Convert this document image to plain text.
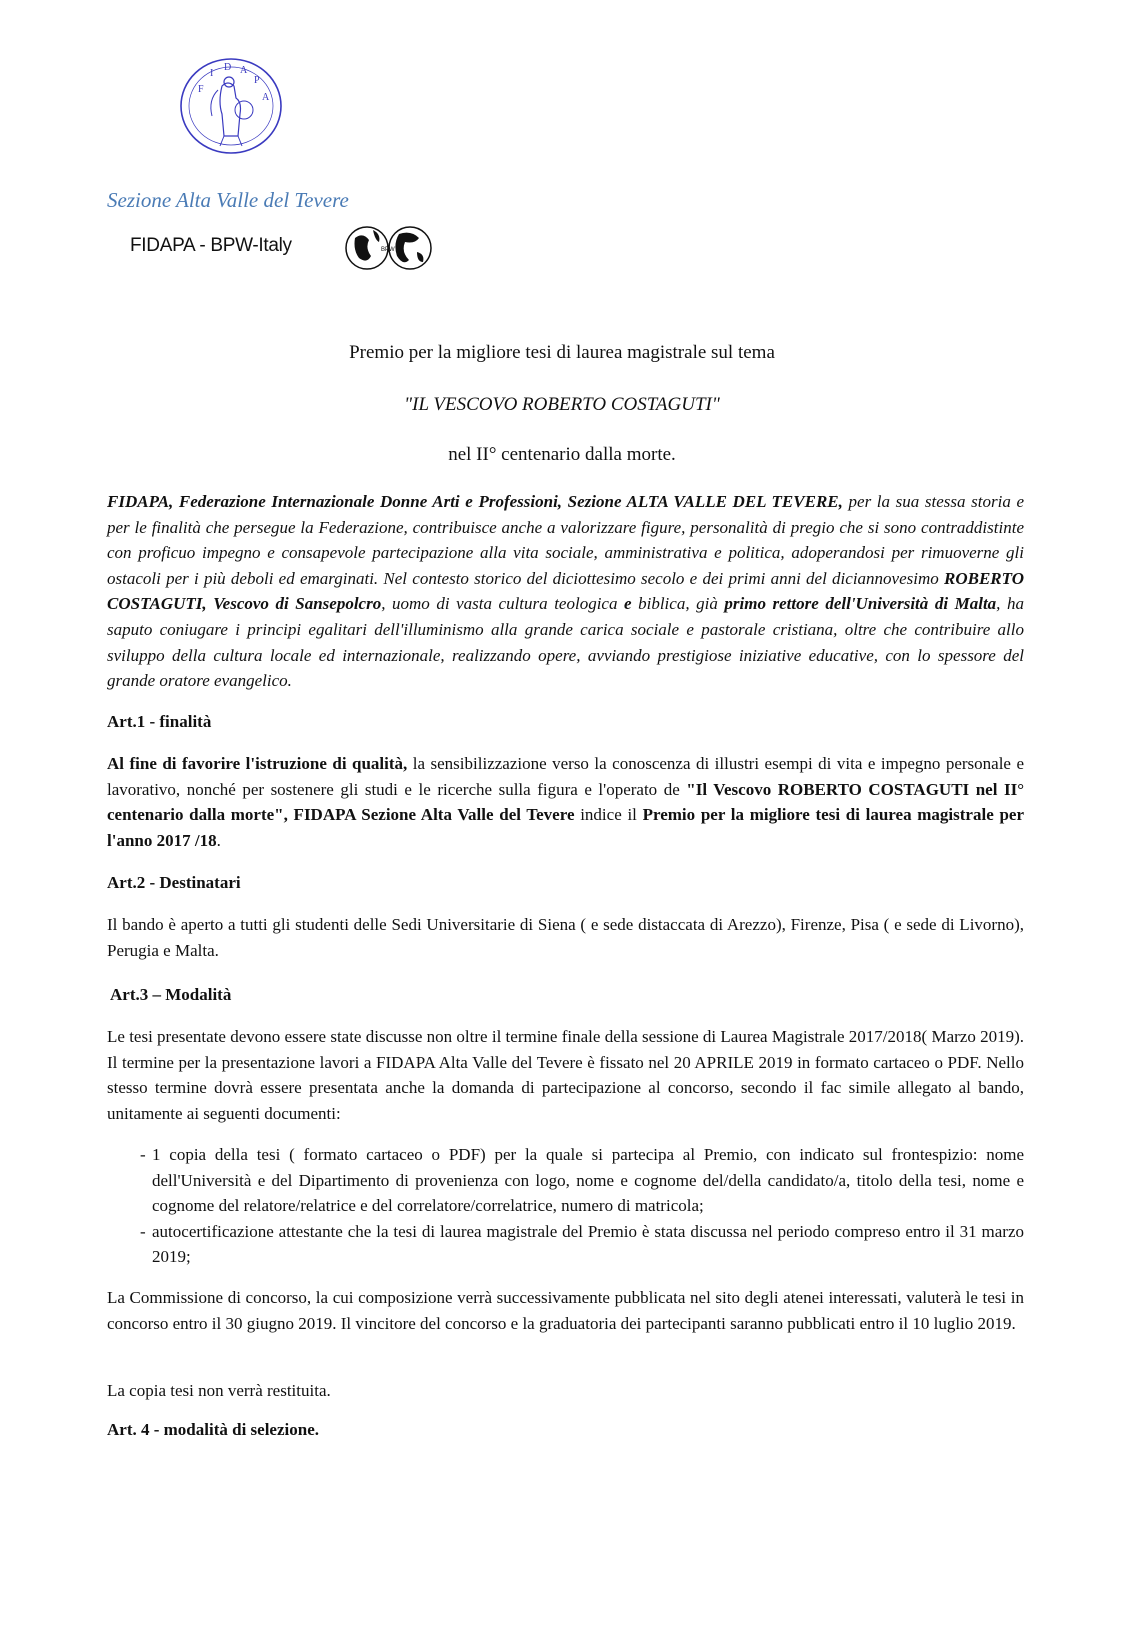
F
I
D A
P
A
Sezione Alta Valle del Tevere
FIDAPA - BPW-Italy	BPW
Premio per la migliore tesi di laurea magistrale sul tema
"IL VESCOVO ROBERTO COSTAGUTI"
nel II° centenario dalla morte.
FIDAPA, Federazione Internazionale Donne Arti e Professioni, Sezione ALTA VALLE DEL TEVERE, per la sua stessa storia e per le finalità che persegue la Federazione, contribuisce anche a valorizzare figure, personalità di pregio che si sono contraddistinte con proficuo impegno e consapevole partecipazione alla vita sociale, amministrativa e politica, adoperandosi per rimuoverne gli ostacoli per i più deboli ed emarginati. Nel contesto storico del diciottesimo secolo e dei primi anni del diciannovesimo ROBERTO COSTAGUTI, Vescovo di Sansepolcro, uomo di vasta cultura teologica e biblica, già primo rettore dell'Università di Malta, ha saputo coniugare i principi egalitari dell'illuminismo alla grande carica sociale e pastorale cristiana, oltre che contribuire allo sviluppo della cultura locale ed internazionale, realizzando opere, avviando prestigiose iniziative educative, con lo spessore del grande oratore evangelico.
Art.1 - finalità
Al fine di favorire l'istruzione di qualità, la sensibilizzazione verso la conoscenza di illustri esempi di vita e impegno personale e lavorativo, nonché per sostenere gli studi e le ricerche sulla figura e l'operato de "Il Vescovo ROBERTO COSTAGUTI nel II° centenario dalla morte", FIDAPA Sezione Alta Valle del Tevere indice il Premio per la migliore tesi di laurea magistrale per l'anno 2017 /18.
Art.2 - Destinatari
Il bando è aperto a tutti gli studenti delle Sedi Universitarie di Siena ( e sede distaccata di Arezzo), Firenze, Pisa ( e sede di Livorno), Perugia e Malta.
Art.3 – Modalità
Le tesi presentate devono essere state discusse non oltre il termine finale della sessione di Laurea Magistrale 2017/2018( Marzo 2019). Il termine per la presentazione lavori a FIDAPA Alta Valle del Tevere è fissato nel 20 APRILE 2019 in formato cartaceo o PDF. Nello stesso termine dovrà essere presentata anche la domanda di partecipazione al concorso, secondo il fac simile allegato al bando, unitamente ai seguenti documenti:
- 1 copia della tesi ( formato cartaceo o PDF) per la quale si partecipa al Premio, con indicato sul frontespizio: nome dell'Università e del Dipartimento di provenienza con logo, nome e cognome del/della candidato/a, titolo della tesi, nome e cognome del relatore/relatrice e del correlatore/correlatrice, numero di matricola;
- autocertificazione attestante che la tesi di laurea magistrale del Premio è stata discussa nel periodo compreso entro il 31 marzo 2019;
La Commissione di concorso, la cui composizione verrà successivamente pubblicata nel sito degli atenei interessati, valuterà le tesi in concorso entro il 30 giugno 2019. Il vincitore del concorso e la graduatoria dei partecipanti saranno pubblicati entro il 10 luglio 2019.
La copia tesi non verrà restituita.
Art. 4 - modalità di selezione.
